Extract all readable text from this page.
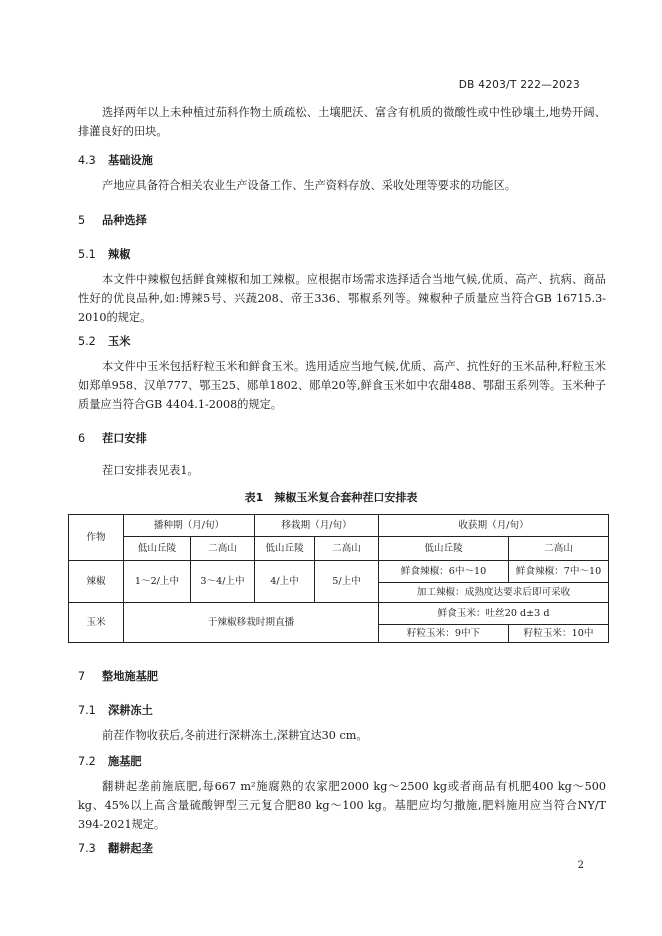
DB 4203/T 222—2023
选择两年以上未种植过茄科作物土质疏松、土壤肥沃、富含有机质的微酸性或中性砂壤土,地势开阔、排灌良好的田块。
4.3 基础设施
产地应具备符合相关农业生产设备工作、生产资料存放、采收处理等要求的功能区。
5 品种选择
5.1 辣椒
本文件中辣椒包括鲜食辣椒和加工辣椒。应根据市场需求选择适合当地气候,优质、高产、抗病、商品性好的优良品种,如:博辣5号、兴蔬208、帝王336、鄂椒系列等。辣椒种子质量应当符合GB 16715.3-2010的规定。
5.2 玉米
本文件中玉米包括籽粒玉米和鲜食玉米。选用适应当地气候,优质、高产、抗性好的玉米品种,籽粒玉米如郑单958、汉单777、鄂玉25、郧单1802、郧单20等,鲜食玉米如中农甜488、鄂甜玉系列等。玉米种子质量应当符合GB 4404.1-2008的规定。
6 茬口安排
茬口安排表见表1。
表1　辣椒玉米复合套种茬口安排表
作物	播种期（月/旬）		移栽期（月/旬）		收获期（月/旬）	
	低山丘陵	二高山	低山丘陵	二高山	低山丘陵	二高山
辣椒	1～2/上中	3～4/上中	4/上中	5/上中	鲜食辣椒：6中～10	鲜食辣椒：7中～10
					加工辣椒：成熟度达要求后即可采收	
玉米	于辣椒移栽时期直播				鲜食玉米：吐丝20 d±3 d	
					籽粒玉米：9中下	籽粒玉米：10中
7 整地施基肥
7.1 深耕冻土
前茬作物收获后,冬前进行深耕冻土,深耕宜达30 cm。
7.2 施基肥
翻耕起垄前施底肥,每667 m²施腐熟的农家肥2000 kg～2500 kg或者商品有机肥400 kg～500 kg、45%以上高含量硫酸钾型三元复合肥80 kg～100 kg。基肥应均匀撒施,肥料施用应当符合NY/T 394-2021规定。
7.3 翻耕起垄
2
